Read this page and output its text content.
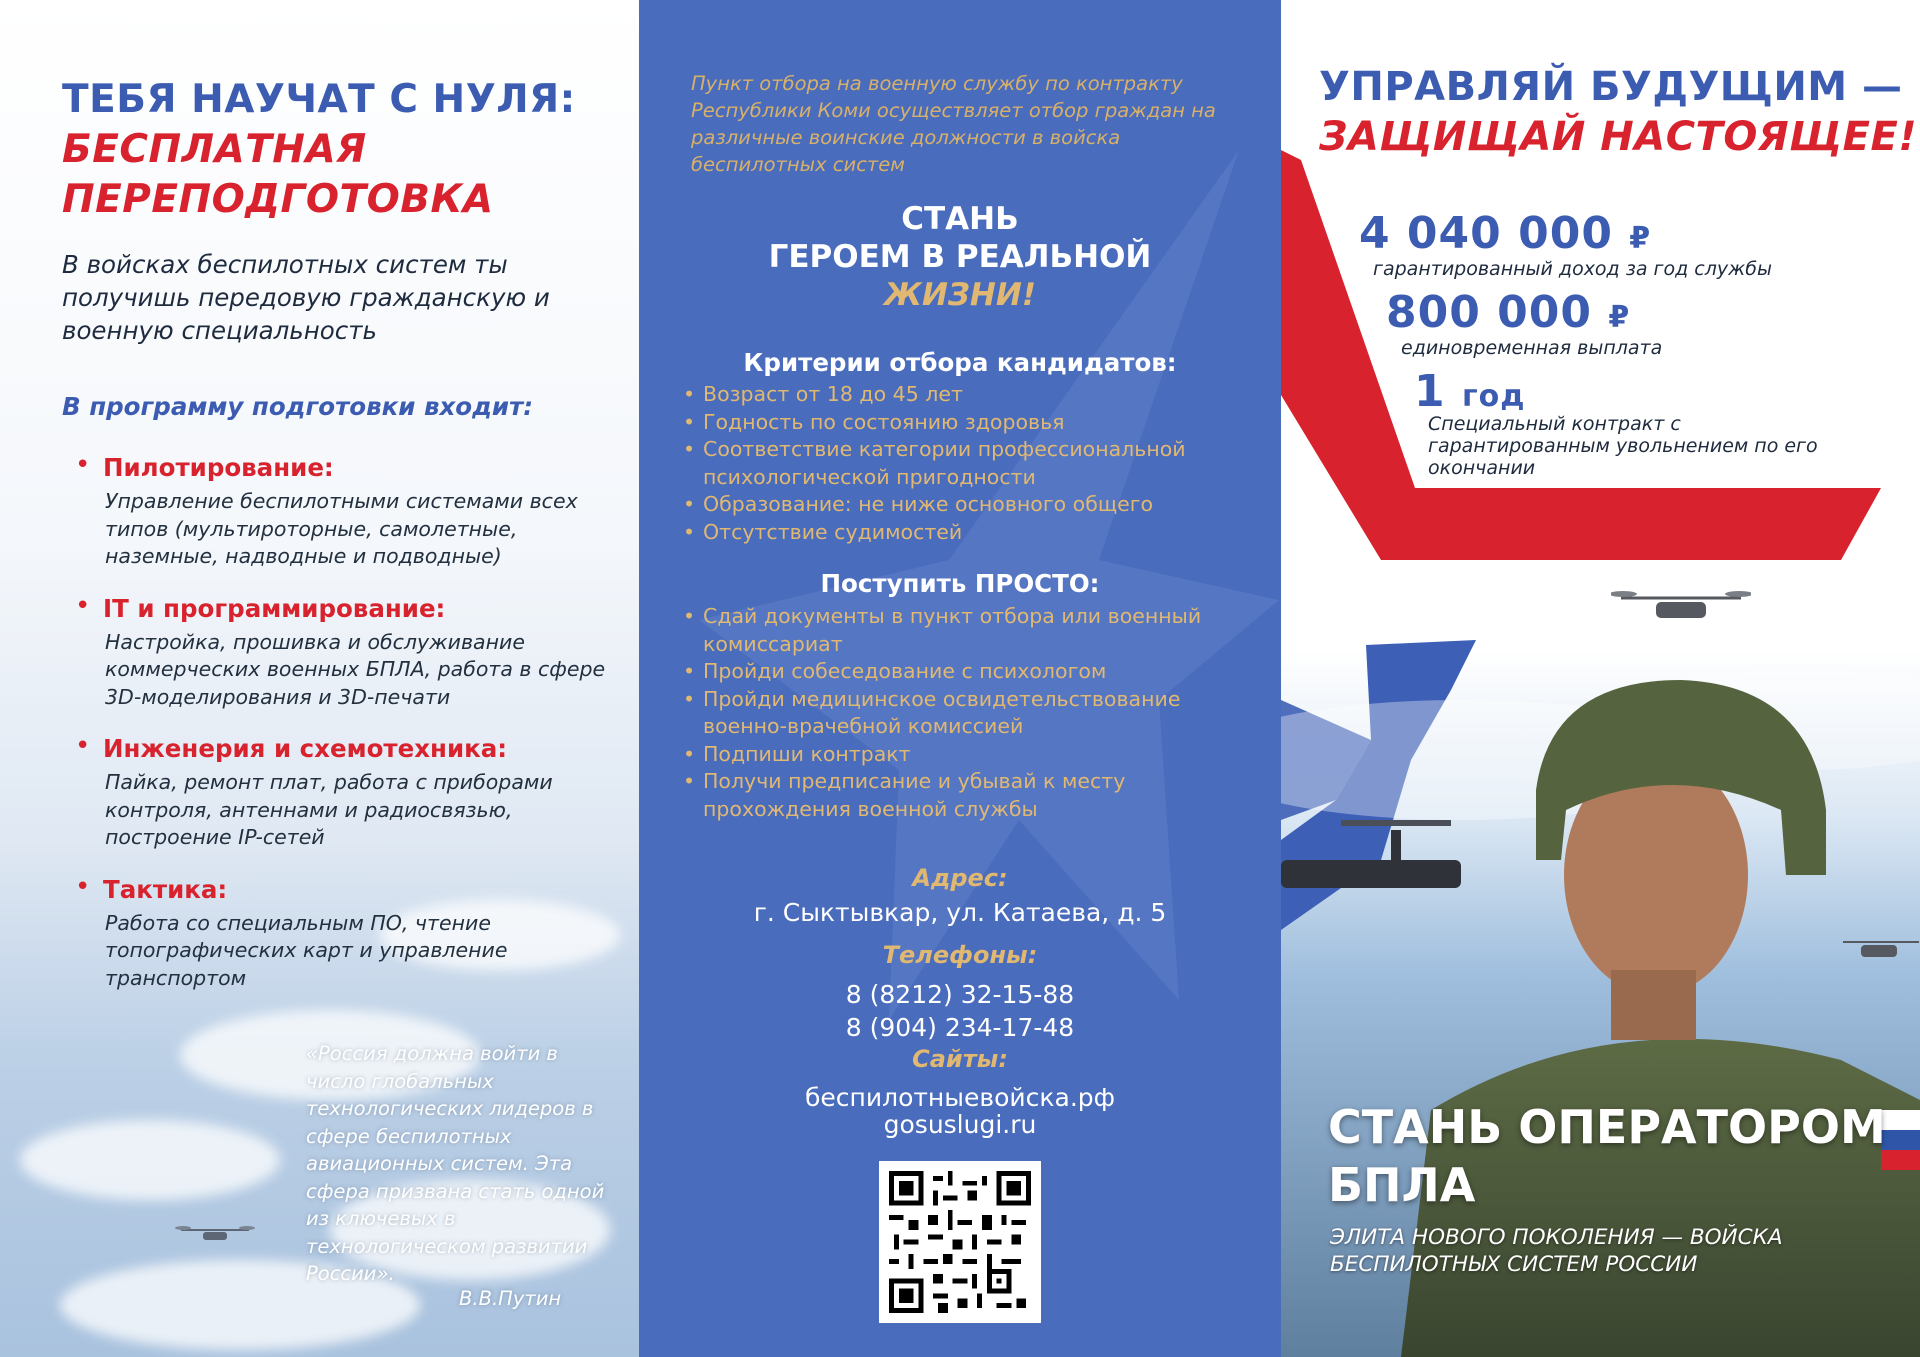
ТЕБЯ НАУЧАТ С НУЛЯ:
БЕСПЛАТНАЯ
ПЕРЕПОДГОТОВКА
В войсках беспилотных систем ты получишь передовую гражданскую и военную специальность
В программу подготовки входит:
• Пилотирование:
Управление беспилотными системами всех типов (мультироторные, самолетные, наземные, надводные и подводные)
• IT и программирование:
Настройка, прошивка и обслуживание коммерческих военных БПЛА, работа в сфере 3D-моделирования и 3D-печати
• Инженерия и схемотехника:
Пайка, ремонт плат, работа с приборами контроля, антеннами и радиосвязью, построение IP-сетей
• Тактика:
Работа со специальным ПО, чтение топографических карт и управление транспортом
«Россия должна войти в число глобальных технологических лидеров в сфере беспилотных авиационных систем. Эта сфера призвана стать одной из ключевых в технологическом развитии России».
В.В.Путин
Пункт отбора на военную службу по контракту Республики Коми осуществляет отбор граждан на различные воинские должности в войска беспилотных систем
СТАНЬ
ГЕРОЕМ В РЕАЛЬНОЙ
ЖИЗНИ!
Критерии отбора кандидатов:
• Возраст от 18 до 45 лет
• Годность по состоянию здоровья
• Соответствие категории профессиональной психологической пригодности
• Образование: не ниже основного общего
• Отсутствие судимостей
Поступить ПРОСТО:
• Сдай документы в пункт отбора или военный комиссариат
• Пройди собеседование с психологом
• Пройди медицинское освидетельствование военно-врачебной комиссией
• Подпиши контракт
• Получи предписание и убывай к месту прохождения военной службы
Адрес:
г. Сыктывкар, ул. Катаева, д. 5
Телефоны:
8 (8212) 32-15-88
8 (904) 234-17-48
Сайты:
беспилотныевойска.рф
gosuslugi.ru
УПРАВЛЯЙ БУДУЩИМ —
ЗАЩИЩАЙ НАСТОЯЩЕЕ!
4 040 000 ₽
гарантированный доход за год службы
800 000 ₽
единовременная выплата
1 год
Специальный контракт с гарантированным увольнением по его окончании
СТАНЬ ОПЕРАТОРОМ
БПЛА
ЭЛИТА НОВОГО ПОКОЛЕНИЯ — ВОЙСКА БЕСПИЛОТНЫХ СИСТЕМ РОССИИ
